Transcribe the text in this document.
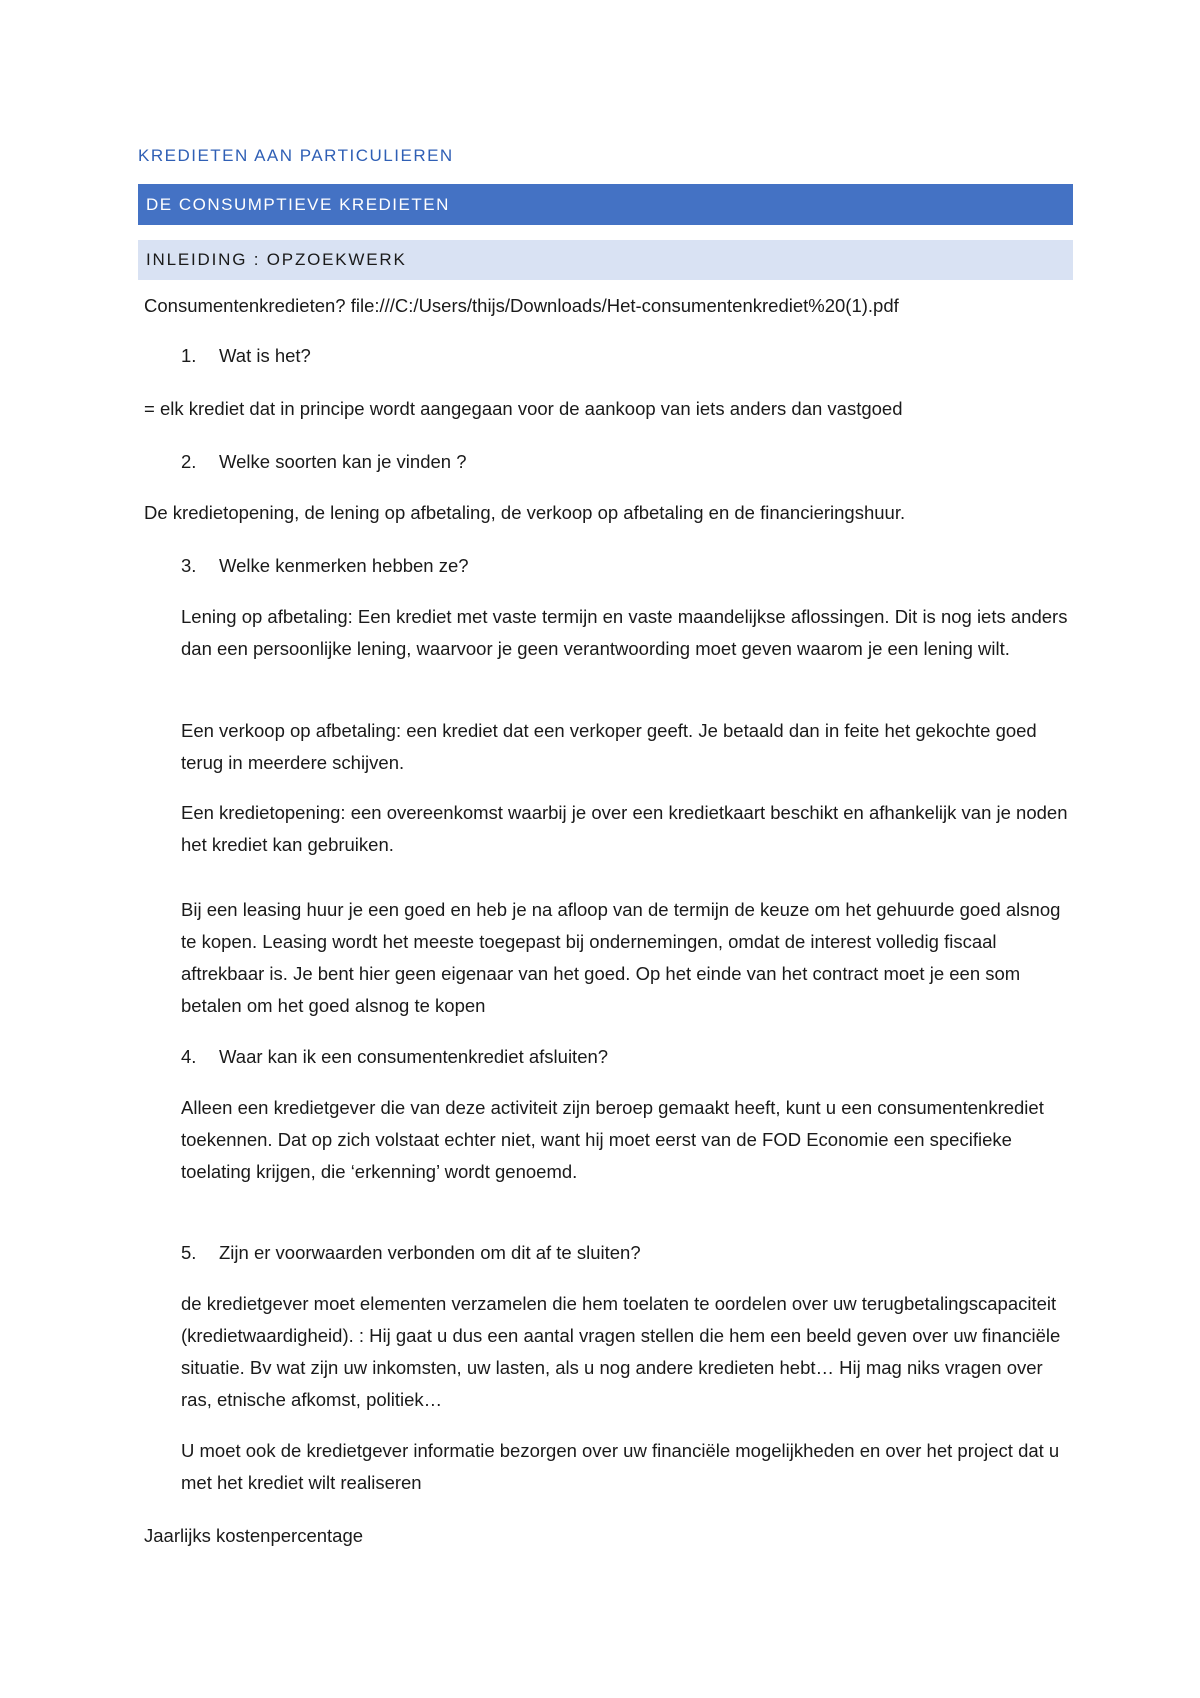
KREDIETEN AAN PARTICULIEREN
DE CONSUMPTIEVE KREDIETEN
INLEIDING : OPZOEKWERK

Consumentenkredieten? file:///C:/Users/thijs/Downloads/Het-consumentenkrediet%20(1).pdf

1. Wat is het?

= elk krediet dat in principe wordt aangegaan voor de aankoop van iets anders dan vastgoed

2. Welke soorten kan je vinden ?

De kredietopening, de lening op afbetaling, de verkoop op afbetaling en de financieringshuur.

3. Welke kenmerken hebben ze?

Lening op afbetaling: Een krediet met vaste termijn en vaste maandelijkse aflossingen. Dit is nog iets anders dan een persoonlijke lening, waarvoor je geen verantwoording moet geven waarom je een lening wilt.

Een verkoop op afbetaling: een krediet dat een verkoper geeft. Je betaald dan in feite het gekochte goed terug in meerdere schijven.

Een kredietopening: een overeenkomst waarbij je over een kredietkaart beschikt en afhankelijk van je noden het krediet kan gebruiken.

Bij een leasing huur je een goed en heb je na afloop van de termijn de keuze om het gehuurde goed alsnog te kopen. Leasing wordt het meeste toegepast bij ondernemingen, omdat de interest volledig fiscaal aftrekbaar is. Je bent hier geen eigenaar van het goed. Op het einde van het contract moet je een som betalen om het goed alsnog te kopen

4. Waar kan ik een consumentenkrediet afsluiten?

Alleen een kredietgever die van deze activiteit zijn beroep gemaakt heeft, kunt u een consumentenkrediet toekennen. Dat op zich volstaat echter niet, want hij moet eerst van de FOD Economie een specifieke toelating krijgen, die ‘erkenning’ wordt genoemd.

5. Zijn er voorwaarden verbonden om dit af te sluiten?

de kredietgever moet elementen verzamelen die hem toelaten te oordelen over uw terugbetalingscapaciteit (kredietwaardigheid). : Hij gaat u dus een aantal vragen stellen die hem een beeld geven over uw financiële situatie. Bv wat zijn uw inkomsten, uw lasten, als u nog andere kredieten hebt… Hij mag niks vragen over ras, etnische afkomst, politiek…

U moet ook de kredietgever informatie bezorgen over uw financiële mogelijkheden en over het project dat u met het krediet wilt realiseren

Jaarlijks kostenpercentage
